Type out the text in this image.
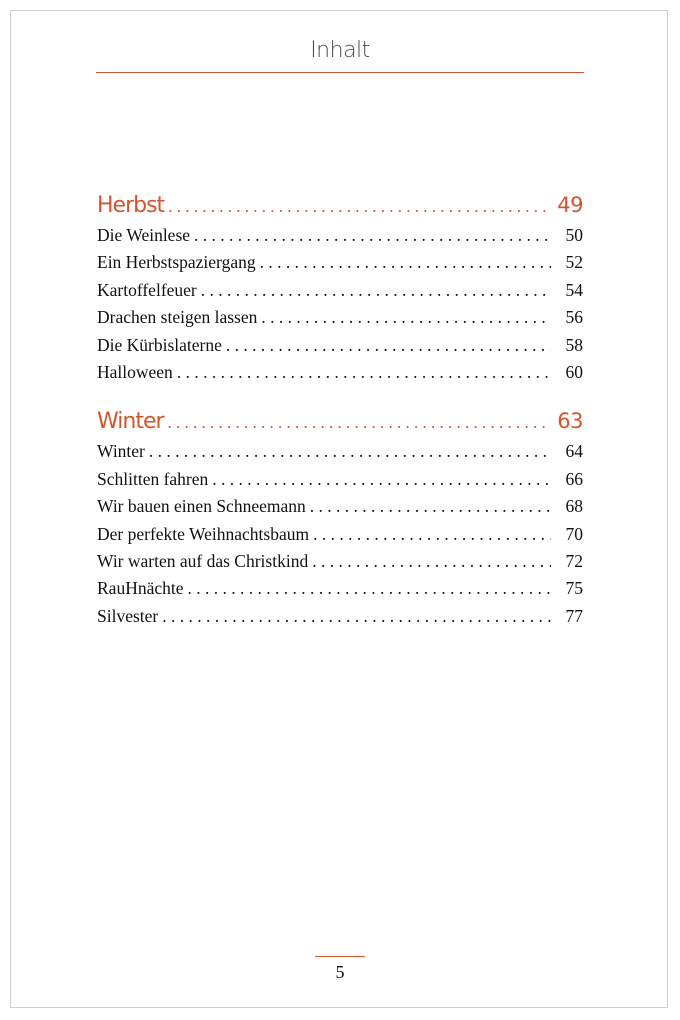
Inhalt
Herbst . . .	49
Die Weinlese . . .	50
Ein Herbstspaziergang . . .	52
Kartoffelfeuer . . .	54
Drachen steigen lassen . . .	56
Die Kürbislaterne . . .	58
Halloween . . .	60
Winter . . .	63
Winter . . .	64
Schlitten fahren . . .	66
Wir bauen einen Schneemann . . .	68
Der perfekte Weihnachtsbaum . . .	70
Wir warten auf das Christkind . . .	72
RauHnächte . . .	75
Silvester . . .	77
5
